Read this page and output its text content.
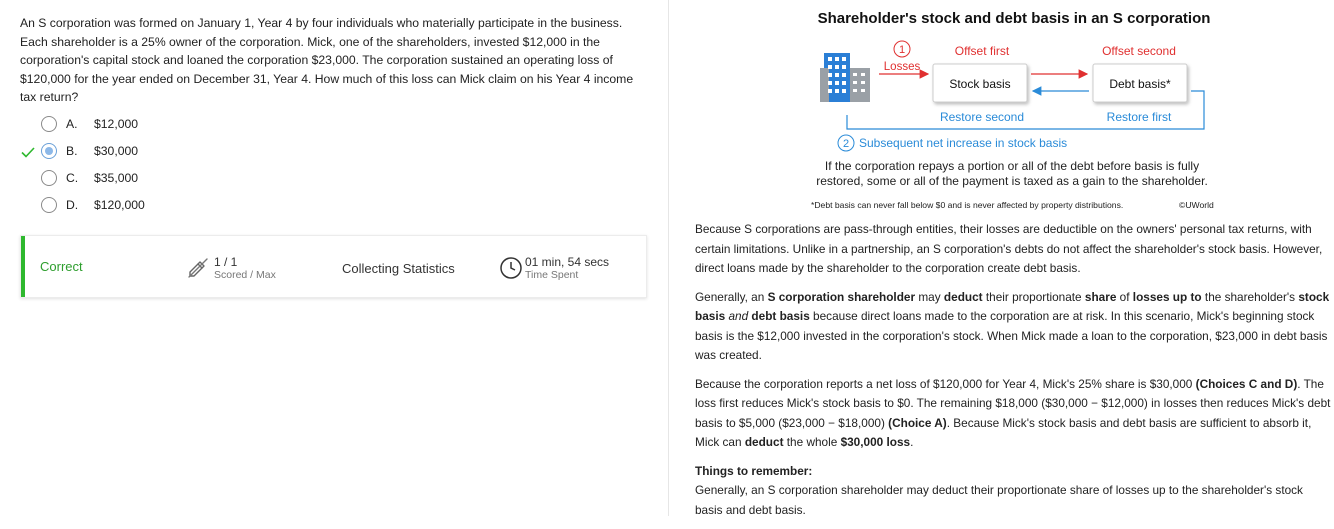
An S corporation was formed on January 1, Year 4 by four individuals who materially participate in the business. Each shareholder is a 25% owner of the corporation. Mick, one of the shareholders, invested $12,000 in the corporation's capital stock and loaned the corporation $23,000. The corporation sustained an operating loss of $120,000 for the year ended on December 31, Year 4. How much of this loss can Mick claim on his Year 4 income tax return?
A. $12,000
B. $30,000
C. $35,000
D. $120,000
Correct	1 / 1
Scored / Max	Collecting Statistics	01 min, 54 secs
Time Spent
Shareholder's stock and debt basis in an S corporation
1
Losses
Offset first	Offset second
Stock basis	Debt basis*
Restore second	Restore first
2 Subsequent net increase in stock basis
If the corporation repays a portion or all of the debt before basis is fully
restored, some or all of the payment is taxed as a gain to the shareholder.
*Debt basis can never fall below $0 and is never affected by property distributions.	©UWorld

Because S corporations are pass-through entities, their losses are deductible on the owners' personal tax returns, with certain limitations. Unlike in a partnership, an S corporation's debts do not affect the shareholder's stock basis. However, direct loans made by the shareholder to the corporation create debt basis.

Generally, an S corporation shareholder may deduct their proportionate share of losses up to the shareholder's stock basis and debt basis because direct loans made to the corporation are at risk. In this scenario, Mick's beginning stock basis is the $12,000 invested in the corporation's stock. When Mick made a loan to the corporation, $23,000 in debt basis was created.

Because the corporation reports a net loss of $120,000 for Year 4, Mick's 25% share is $30,000 (Choices C and D). The loss first reduces Mick's stock basis to $0. The remaining $18,000 ($30,000 − $12,000) in losses then reduces Mick's debt basis to $5,000 ($23,000 − $18,000) (Choice A). Because Mick's stock basis and debt basis are sufficient to absorb it, Mick can deduct the whole $30,000 loss.

Things to remember:

Generally, an S corporation shareholder may deduct their proportionate share of losses up to the shareholder's stock basis and debt basis.
